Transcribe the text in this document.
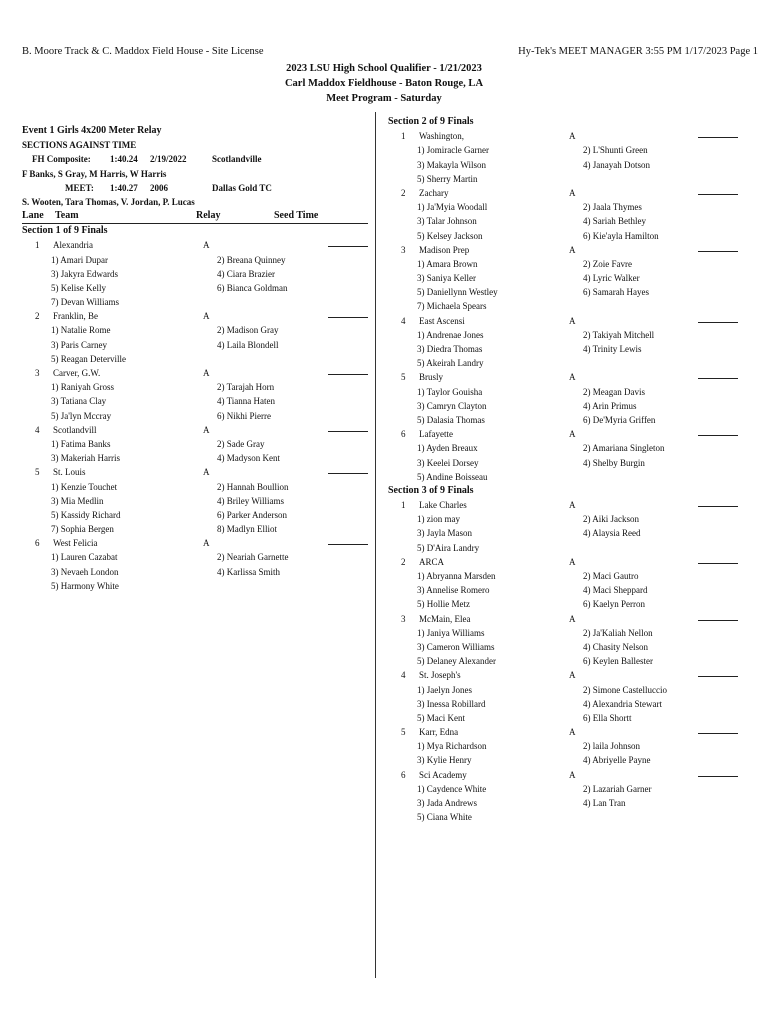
B. Moore Track & C. Maddox Field House - Site License	Hy-Tek's MEET MANAGER 3:55 PM 1/17/2023 Page 1
2023 LSU High School Qualifier - 1/21/2023
Carl Maddox Fieldhouse - Baton Rouge, LA
Meet Program - Saturday
Event 1 Girls 4x200 Meter Relay
SECTIONS AGAINST TIME
FH Composite: 1:40.24 2/19/2022	Scotlandville
F Banks, S Gray, M Harris, W Harris
MEET: 1:40.27 2006	Dallas Gold TC
S. Wooten, Tara Thomas, V. Jordan, P. Lucas
Lane Team	Relay	Seed Time
Section 1 of 9 Finals
1 Alexandria	A
1) Amari Dupar	2) Breana Quinney
3) Jakyra Edwards	4) Ciara Brazier
5) Kelise Kelly	6) Bianca Goldman
7) Devan Williams
2 Franklin, Be	A
1) Natalie Rome	2) Madison Gray
3) Paris Carney	4) Laila Blondell
5) Reagan Deterville
3 Carver, G.W.	A
1) Raniyah Gross	2) Tarajah Horn
3) Tatiana Clay	4) Tianna Haten
5) Ja'lyn Mccray	6) Nikhi Pierre
4 Scotlandvill	A
1) Fatima Banks	2) Sade Gray
3) Makeriah Harris	4) Madyson Kent
5 St. Louis	A
1) Kenzie Touchet	2) Hannah Boullion
3) Mia Medlin	4) Briley Williams
5) Kassidy Richard	6) Parker Anderson
7) Sophia Bergen	8) Madlyn Elliot
6 West Felicia	A
1) Lauren Cazabat	2) Neariah Garnette
3) Nevaeh London	4) Karlissa Smith
5) Harmony White
Section 2 of 9 Finals
1 Washington,	A
1) Jomiracle Garner	2) L'Shunti Green
3) Makayla Wilson	4) Janayah Dotson
5) Sherry Martin
2 Zachary	A
1) Ja'Myia Woodall	2) Jaala Thymes
3) Talar Johnson	4) Sariah Bethley
5) Kelsey Jackson	6) Kie'ayla Hamilton
3 Madison Prep	A
1) Amara Brown	2) Zoie Favre
3) Saniya Keller	4) Lyric Walker
5) Daniellynn Westley	6) Samarah Hayes
7) Michaela Spears
4 East Ascensi	A
1) Andrenae Jones	2) Takiyah Mitchell
3) Diedra Thomas	4) Trinity Lewis
5) Akeirah Landry
5 Brusly	A
1) Taylor Gouisha	2) Meagan Davis
3) Camryn Clayton	4) Arin Primus
5) Dalasia Thomas	6) De'Myria Griffen
6 Lafayette	A
1) Ayden Breaux	2) Amariana Singleton
3) Keelei Dorsey	4) Shelby Burgin
5) Andine Boisseau
Section 3 of 9 Finals
1 Lake Charles	A
1) zion may	2) Aiki Jackson
3) Jayla Mason	4) Alaysia Reed
5) D'Aira Landry
2 ARCA	A
1) Abryanna Marsden	2) Maci Gautro
3) Annelise Romero	4) Maci Sheppard
5) Hollie Metz	6) Kaelyn Perron
3 McMain, Elea	A
1) Janiya Williams	2) Ja'Kaliah Nellon
3) Cameron Williams	4) Chasity Nelson
5) Delaney Alexander	6) Keylen Ballester
4 St. Joseph's	A
1) Jaelyn Jones	2) Simone Castelluccio
3) Inessa Robillard	4) Alexandria Stewart
5) Maci Kent	6) Ella Shortt
5 Karr, Edna	A
1) Mya Richardson	2) laila Johnson
3) Kylie Henry	4) Abriyelle Payne
6 Sci Academy	A
1) Caydence White	2) Lazariah Garner
3) Jada Andrews	4) Lan Tran
5) Ciana White
